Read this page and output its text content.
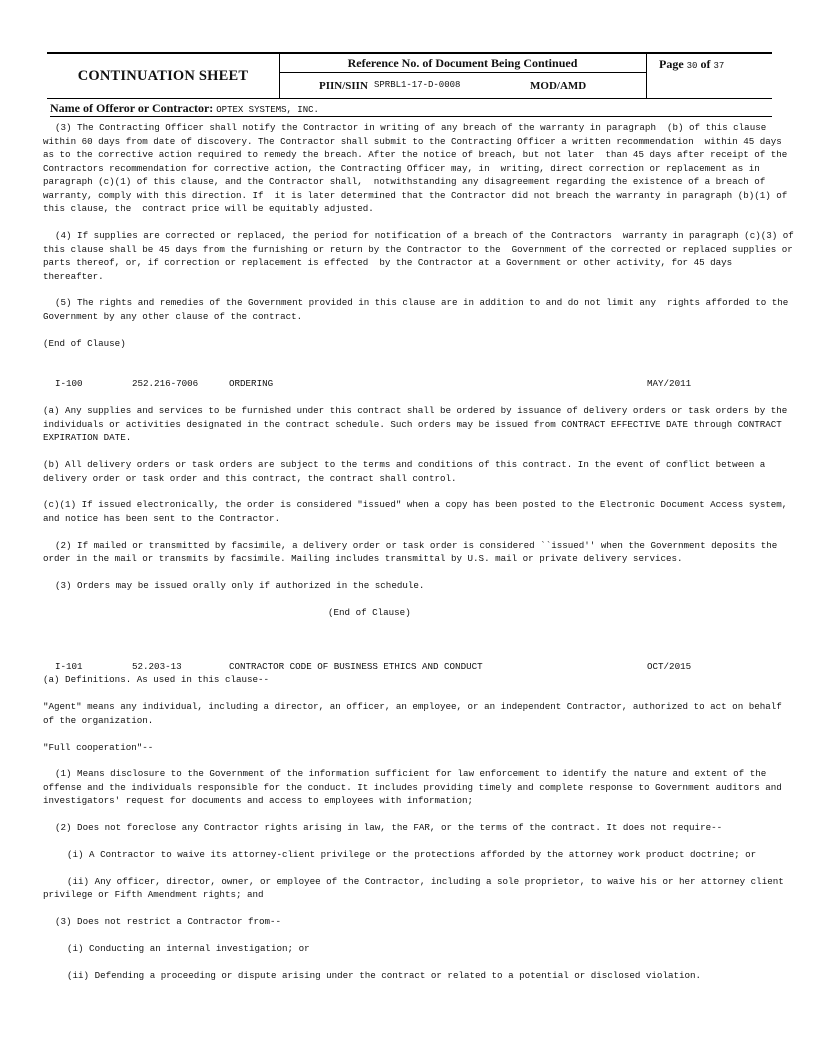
CONTINUATION SHEET
Reference No. of Document Being Continued
PIIN/SIIN SPRBL1-17-D-0008	MOD/AMD
Page 30 of 37
Name of Offeror or Contractor: OPTEX SYSTEMS, INC.
(3) The Contracting Officer shall notify the Contractor in writing of any breach of the warranty in paragraph  (b) of this clause
within 60 days from date of discovery. The Contractor shall submit to the Contracting Officer a written recommendation  within 45 days
as to the corrective action required to remedy the breach. After the notice of breach, but not later  than 45 days after receipt of the
Contractors recommendation for corrective action, the Contracting Officer may, in  writing, direct correction or replacement as in
paragraph (c)(1) of this clause, and the Contractor shall,  notwithstanding any disagreement regarding the existence of a breach of
warranty, comply with this direction. If  it is later determined that the Contractor did not breach the warranty in paragraph (b)(1) of
this clause, the  contract price will be equitably adjusted.
(4) If supplies are corrected or replaced, the period for notification of a breach of the Contractors  warranty in paragraph (c)(3) of
this clause shall be 45 days from the furnishing or return by the Contractor to the  Government of the corrected or replaced supplies or
parts thereof, or, if correction or replacement is effected  by the Contractor at a Government or other activity, for 45 days
thereafter.
(5) The rights and remedies of the Government provided in this clause are in addition to and do not limit any  rights afforded to the
Government by any other clause of the contract.
(End of Clause)
I-100	252.216-7006	ORDERING	MAY/2011
(a) Any supplies and services to be furnished under this contract shall be ordered by issuance of delivery orders or task orders by the
individuals or activities designated in the contract schedule. Such orders may be issued from CONTRACT EFFECTIVE DATE through CONTRACT
EXPIRATION DATE.
(b) All delivery orders or task orders are subject to the terms and conditions of this contract. In the event of conflict between a
delivery order or task order and this contract, the contract shall control.
(c)(1) If issued electronically, the order is considered "issued" when a copy has been posted to the Electronic Document Access system,
and notice has been sent to the Contractor.
(2) If mailed or transmitted by facsimile, a delivery order or task order is considered ``issued'' when the Government deposits the
order in the mail or transmits by facsimile. Mailing includes transmittal by U.S. mail or private delivery services.
(3) Orders may be issued orally only if authorized in the schedule.
(End of Clause)
I-101	52.203-13	CONTRACTOR CODE OF BUSINESS ETHICS AND CONDUCT	OCT/2015
(a) Definitions. As used in this clause--
"Agent" means any individual, including a director, an officer, an employee, or an independent Contractor, authorized to act on behalf
of the organization.
"Full cooperation"--
(1) Means disclosure to the Government of the information sufficient for law enforcement to identify the nature and extent of the
offense and the individuals responsible for the conduct. It includes providing timely and complete response to Government auditors and
investigators' request for documents and access to employees with information;
(2) Does not foreclose any Contractor rights arising in law, the FAR, or the terms of the contract. It does not require--
(i) A Contractor to waive its attorney-client privilege or the protections afforded by the attorney work product doctrine; or
(ii) Any officer, director, owner, or employee of the Contractor, including a sole proprietor, to waive his or her attorney client
privilege or Fifth Amendment rights; and
(3) Does not restrict a Contractor from--
(i) Conducting an internal investigation; or
(ii) Defending a proceeding or dispute arising under the contract or related to a potential or disclosed violation.
